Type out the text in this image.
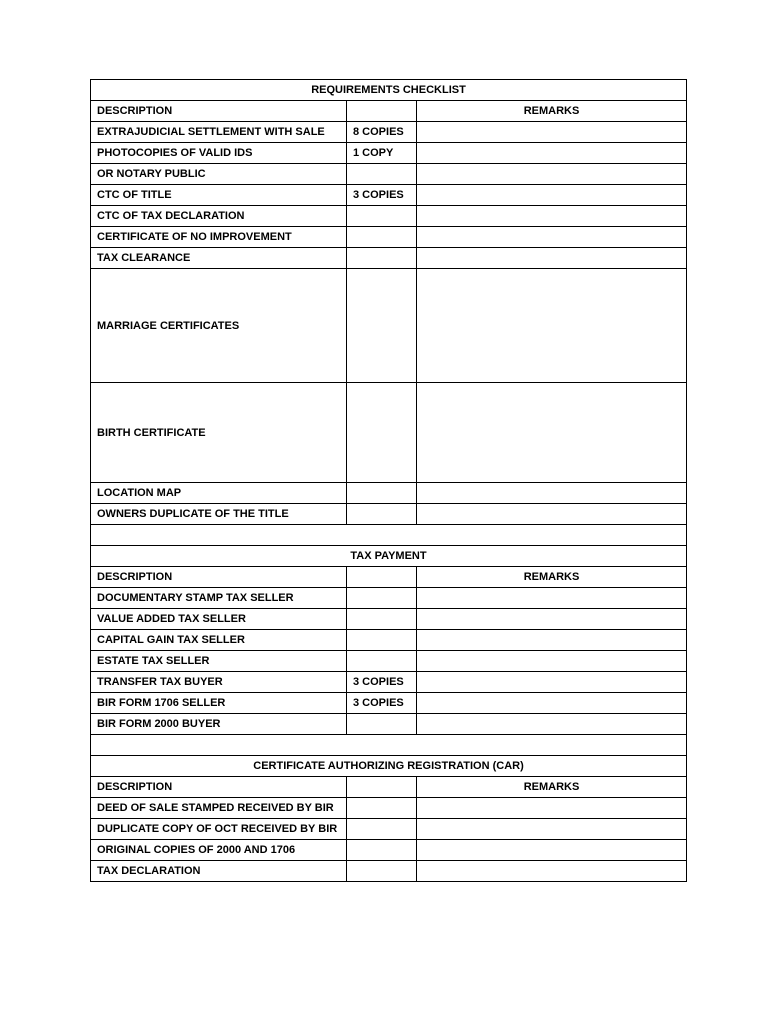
REQUIREMENTS CHECKLIST		
DESCRIPTION		REMARKS
EXTRAJUDICIAL SETTLEMENT WITH SALE	8 COPIES	
PHOTOCOPIES OF VALID IDS	1 COPY	
OR NOTARY PUBLIC		
CTC OF TITLE	3 COPIES	
CTC OF TAX DECLARATION		
CERTIFICATE OF NO IMPROVEMENT		
TAX CLEARANCE		
MARRIAGE CERTIFICATES		
BIRTH CERTIFICATE		
LOCATION MAP		
OWNERS DUPLICATE OF THE TITLE		

TAX PAYMENT		
DESCRIPTION		REMARKS
DOCUMENTARY STAMP TAX SELLER		
VALUE ADDED TAX SELLER		
CAPITAL GAIN TAX SELLER		
ESTATE TAX SELLER		
TRANSFER TAX BUYER	3 COPIES	
BIR FORM 1706 SELLER	3 COPIES	
BIR FORM 2000 BUYER		

CERTIFICATE AUTHORIZING REGISTRATION (CAR)		
DESCRIPTION		REMARKS
DEED OF SALE STAMPED RECEIVED BY BIR		
DUPLICATE COPY OF OCT RECEIVED BY BIR		
ORIGINAL COPIES OF 2000 AND 1706		
TAX DECLARATION		
